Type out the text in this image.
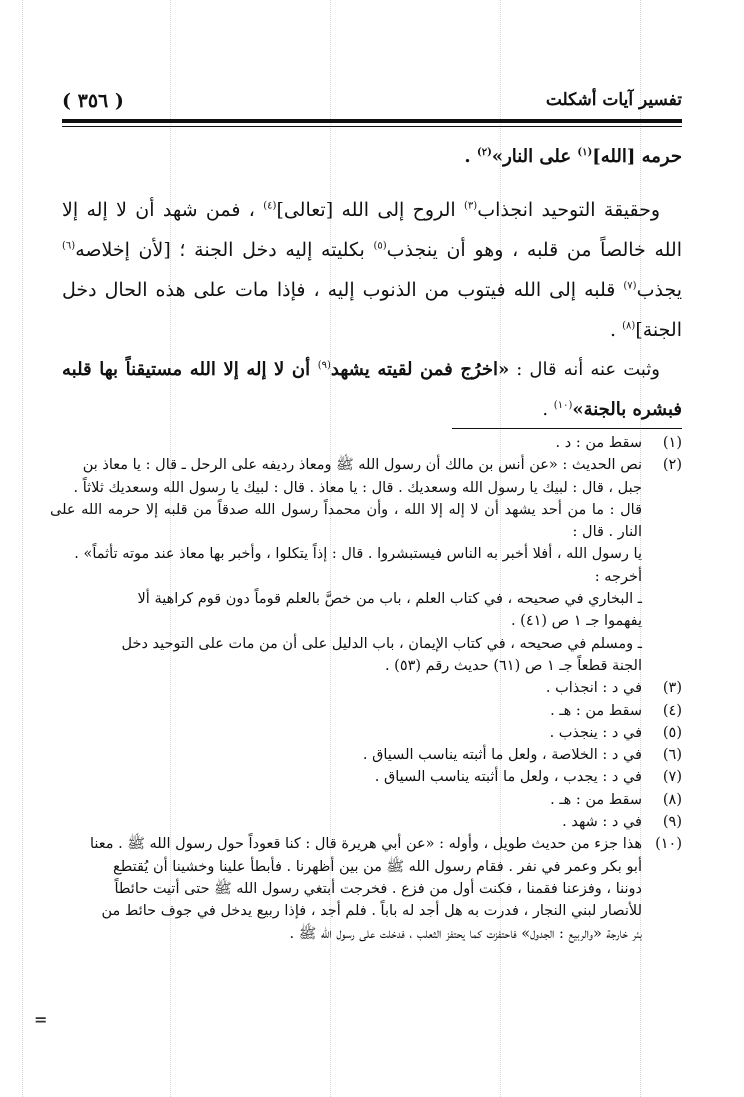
( ٣٥٦ )	تفسير آيات أشكلت

حرمه [الله]$^{(١)}$ على النار»$^{(٢)}$ .

وحقيقة التوحيد انجذاب$^{(٣)}$ الروح إلى الله [تعالى]$^{(٤)}$ ، فمن شهد أن لا إله إلا الله خالصاً من قلبه ، وهو أن ينجذب$^{(٥)}$ بكليته إليه دخل الجنة ؛ [لأن إخلاصه$^{(٦)}$ يجذب$^{(٧)}$ قلبه إلى الله فيتوب من الذنوب إليه ، فإذا مات على هذه الحال دخل الجنة]$^{(٨)}$ .

وثبت عنه أنه قال : «اخرُج فمن لقيته يشهد$^{(٩)}$ أن لا إله إلا الله مستيقناً بها قلبه فبشره بالجنة»$^{(١٠)}$ .

(١)
سقط من : د .
(٢)
نص الحديث : «عن أنس بن مالك أن رسول الله ﷺ ومعاذ رديفه على الرحل ـ قال : يا معاذ بن
جبل ، قال : لبيك يا رسول الله وسعديك . قال : يا معاذ . قال : لبيك يا رسول الله وسعديك ثلاثاً .
قال : ما من أحد يشهد أن لا إله إلا الله ، وأن محمداً رسول الله صدقاً من قلبه إلا حرمه الله على النار . قال :
يا رسول الله ، أفلا أخبر به الناس فيستبشروا . قال : إذاً يتكلوا ، وأخبر بها معاذ عند موته تأثماً» .
أخرجه :
ـ البخاري في صحيحه ، في كتاب العلم ، باب من خصَّ بالعلم قوماً دون قوم كراهية ألا
يفهموا جـ ١ ص (٤١) .
ـ ومسلم في صحيحه ، في كتاب الإيمان ، باب الدليل على أن من مات على التوحيد دخل
الجنة قطعاً جـ ١ ص (٦١) حديث رقم (٥٣) .
(٣)
في د : انجذاب .
(٤)
سقط من : هـ .
(٥)
في د : ينجذب .
(٦)
في د : الخلاصة ، ولعل ما أثبته يناسب السياق .
(٧)
في د : يجدب ، ولعل ما أثبته يناسب السياق .
(٨)
سقط من : هـ .
(٩)
في د : شهد .
(١٠)
هذا جزء من حديث طويل ، وأوله : «عن أبي هريرة قال : كنا قعوداً حول رسول الله ﷺ . معنا
أبو بكر وعمر في نفر . فقام رسول الله ﷺ من بين أظهرنا . فأبطأ علينا وخشينا أن يُقتطع
دوننا ، وفزعنا فقمنا ، فكنت أول من فزع . فخرجت أبتغي رسول الله ﷺ حتى أتيت حائطاً
للأنصار لبني النجار ، فدرت به هل أجد له باباً . فلم أجد ، فإذا ربيع يدخل في جوف حائط من
بئر خارجة «والربيع : الجدول» فاحتفزت كما يحتفز الثعلب ، فدخلت على رسول الله ﷺ .
=
